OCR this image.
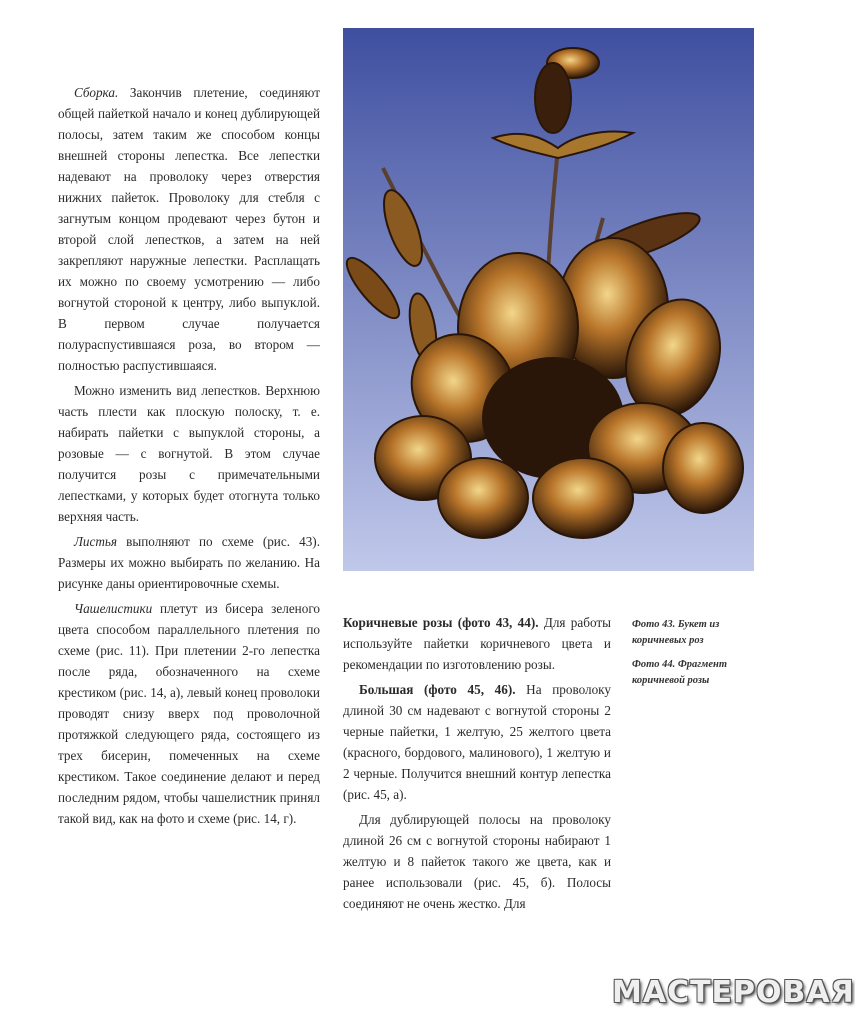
Сборка. Закончив плетение, соединяют общей пайеткой начало и конец дублирующей полосы, затем таким же способом концы внешней стороны лепестка. Все лепестки надевают на проволоку через отверстия нижних пайеток. Проволоку для стебля с загнутым концом продевают через бутон и второй слой лепестков, а затем на ней закрепляют наружные лепестки. Расплащать их можно по своему усмотрению — либо вогнутой стороной к центру, либо выпуклой. В первом случае получается полураспустившаяся роза, во втором — полностью распустившаяся.

Можно изменить вид лепестков. Верхнюю часть плести как плоскую полоску, т. е. набирать пайетки с выпуклой стороны, а розовые — с вогнутой. В этом случае получится розы с примечательными лепестками, у которых будет отогнута только верхняя часть.

Листья выполняют по схеме (рис. 43). Размеры их можно выбирать по желанию. На рисунке даны ориентировочные схемы.

Чашелистики плетут из бисера зеленого цвета способом параллельного плетения по схеме (рис. 11). При плетении 2-го лепестка после ряда, обозначенного на схеме крестиком (рис. 14, а), левый конец проволоки проводят снизу вверх под проволочной протяжкой следующего ряда, состоящего из трех бисерин, помеченных на схеме крестиком. Такое соединение делают и перед последним рядом, чтобы чашелистник принял такой вид, как на фото и схеме (рис. 14, г).

Коричневые розы (фото 43, 44). Для работы используйте пайетки коричневого цвета и рекомендации по изготовлению розы.

Большая (фото 45, 46). На проволоку длиной 30 см надевают с вогнутой стороны 2 черные пайетки, 1 желтую, 25 желтого цвета (красного, бордового, малинового), 1 желтую и 2 черные. Получится внешний контур лепестка (рис. 45, а).

Для дублирующей полосы на проволоку длиной 26 см с вогнутой стороны набирают 1 желтую и 8 пайеток такого же цвета, как и ранее использовали (рис. 45, б). Полосы соединяют не очень жестко. Для

Фото 43. Букет из коричневых роз

Фото 44. Фрагмент коричневой розы

МАСТЕРОВАЯ
